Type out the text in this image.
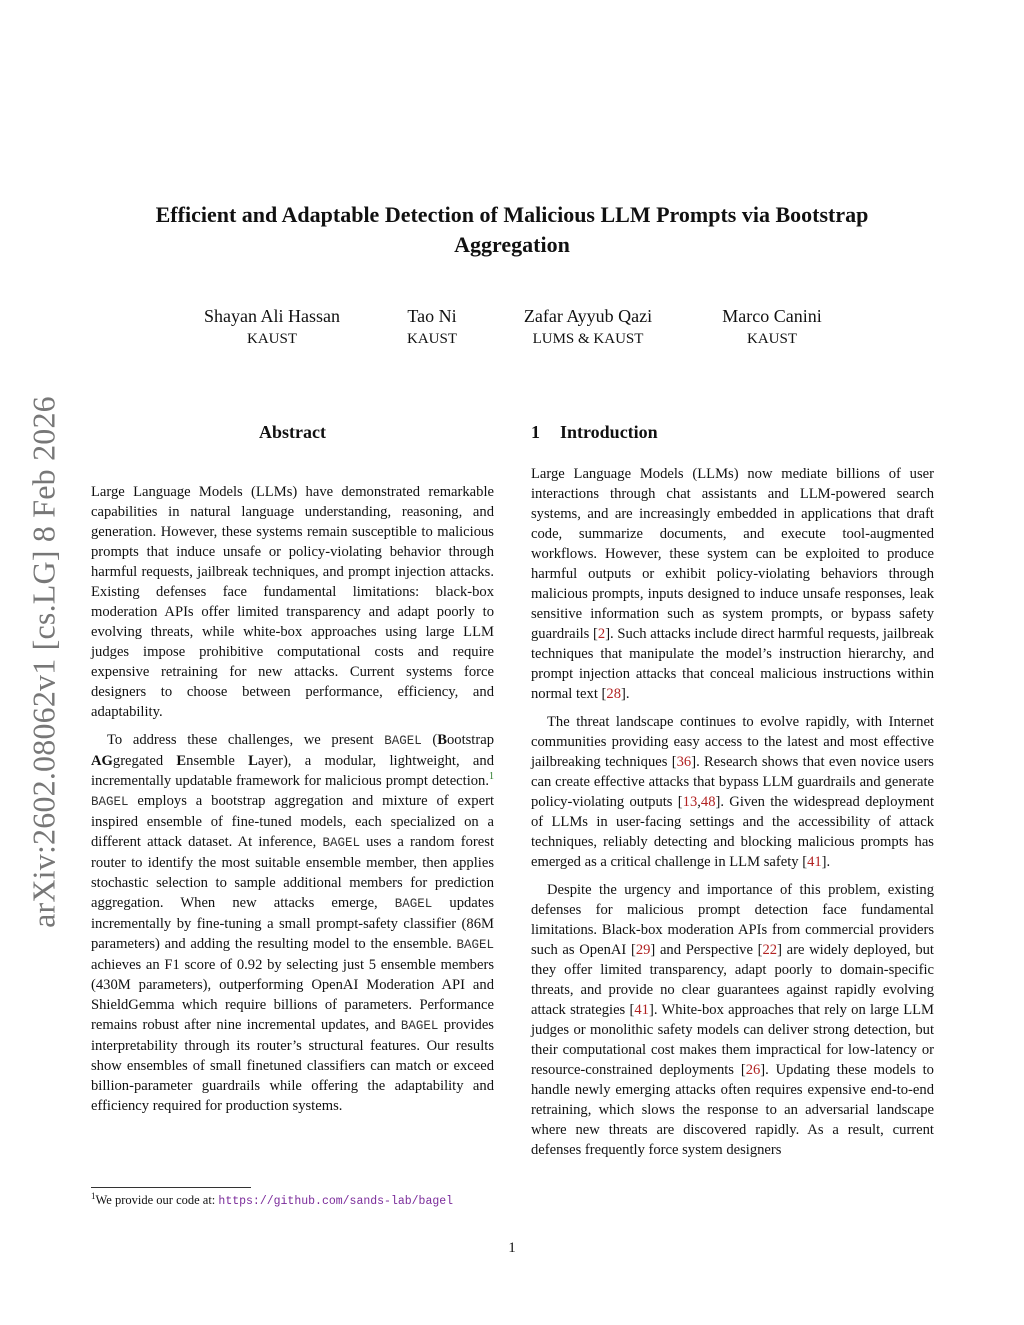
arXiv:2602.08062v1 [cs.LG] 8 Feb 2026
Efficient and Adaptable Detection of Malicious LLM Prompts via Bootstrap Aggregation
Shayan Ali Hassan
KAUST
Tao Ni
KAUST
Zafar Ayyub Qazi
LUMS & KAUST
Marco Canini
KAUST
Abstract	1 Introduction

Large Language Models (LLMs) have demonstrated remarkable capabilities in natural language understanding, reasoning, and generation. However, these systems remain susceptible to malicious prompts that induce unsafe or policy-violating behavior through harmful requests, jailbreak techniques, and prompt injection attacks. Existing defenses face fundamental limitations: black-box moderation APIs offer limited transparency and adapt poorly to evolving threats, while white-box approaches using large LLM judges impose prohibitive computational costs and require expensive retraining for new attacks. Current systems force designers to choose between performance, efficiency, and adaptability.

To address these challenges, we present BAGEL (Bootstrap AGgregated Ensemble Layer), a modular, lightweight, and incrementally updatable framework for malicious prompt detection.$^1$ BAGEL employs a bootstrap aggregation and mixture of expert inspired ensemble of fine-tuned models, each specialized on a different attack dataset. At inference, BAGEL uses a random forest router to identify the most suitable ensemble member, then applies stochastic selection to sample additional members for prediction aggregation. When new attacks emerge, BAGEL updates incrementally by fine-tuning a small prompt-safety classifier (86M parameters) and adding the resulting model to the ensemble. BAGEL achieves an F1 score of 0.92 by selecting just 5 ensemble members (430M parameters), outperforming OpenAI Moderation API and ShieldGemma which require billions of parameters. Performance remains robust after nine incremental updates, and BAGEL provides interpretability through its router’s structural features. Our results show ensembles of small finetuned classifiers can match or exceed billion-parameter guardrails while offering the adaptability and efficiency required for production systems.

Large Language Models (LLMs) now mediate billions of user interactions through chat assistants and LLM-powered search systems, and are increasingly embedded in applications that draft code, summarize documents, and execute tool-augmented workflows. However, these system can be exploited to produce harmful outputs or exhibit policy-violating behaviors through malicious prompts, inputs designed to induce unsafe responses, leak sensitive information such as system prompts, or bypass safety guardrails [2]. Such attacks include direct harmful requests, jailbreak techniques that manipulate the model’s instruction hierarchy, and prompt injection attacks that conceal malicious instructions within normal text [28].

The threat landscape continues to evolve rapidly, with Internet communities providing easy access to the latest and most effective jailbreaking techniques [36]. Research shows that even novice users can create effective attacks that bypass LLM guardrails and generate policy-violating outputs [13,48]. Given the widespread deployment of LLMs in user-facing settings and the accessibility of attack techniques, reliably detecting and blocking malicious prompts has emerged as a critical challenge in LLM safety [41].

Despite the urgency and importance of this problem, existing defenses for malicious prompt detection face fundamental limitations. Black-box moderation APIs from commercial providers such as OpenAI [29] and Perspective [22] are widely deployed, but they offer limited transparency, adapt poorly to domain-specific threats, and provide no clear guarantees against rapidly evolving attack strategies [41]. White-box approaches that rely on large LLM judges or monolithic safety models can deliver strong detection, but their computational cost makes them impractical for low-latency or resource-constrained deployments [26]. Updating these models to handle newly emerging attacks often requires expensive end-to-end retraining, which slows the response to an adversarial landscape where new threats are discovered rapidly. As a result, current defenses frequently force system designers

$^1$We provide our code at: https://github.com/sands-lab/bagel
1
